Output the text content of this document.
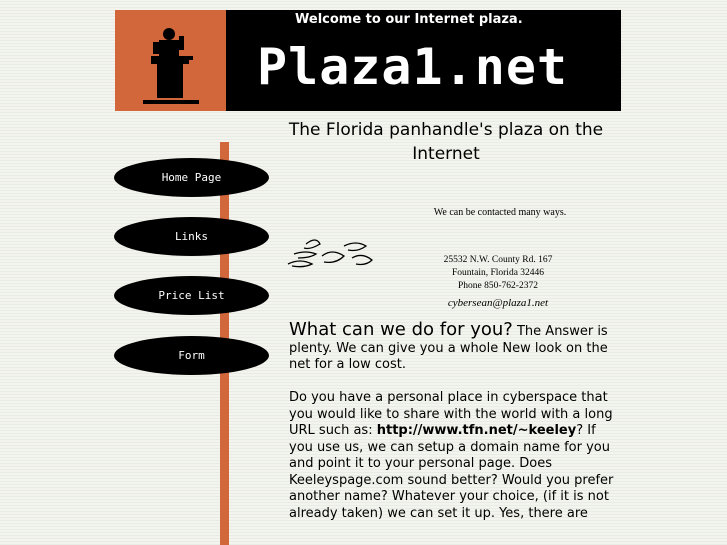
Welcome to our Internet plaza.
Plaza1.net
Home Page
Links
Price List
Form
The Florida panhandle's plaza on the Internet
We can be contacted many ways.
25532 N.W. County Rd. 167
Fountain, Florida 32446
Phone 850-762-2372
cybersean@plaza1.net

What can we do for you? The Answer is plenty. We can give you a whole New look on the net for a low cost.

Do you have a personal place in cyberspace that you would like to share with the world with a long URL such as: http://www.tfn.net/~keeley? If you use us, we can setup a domain name for you and point it to your personal page. Does Keeleyspage.com sound better? Would you prefer another name? Whatever your choice, (if it is not already taken) we can set it up. Yes, there are
